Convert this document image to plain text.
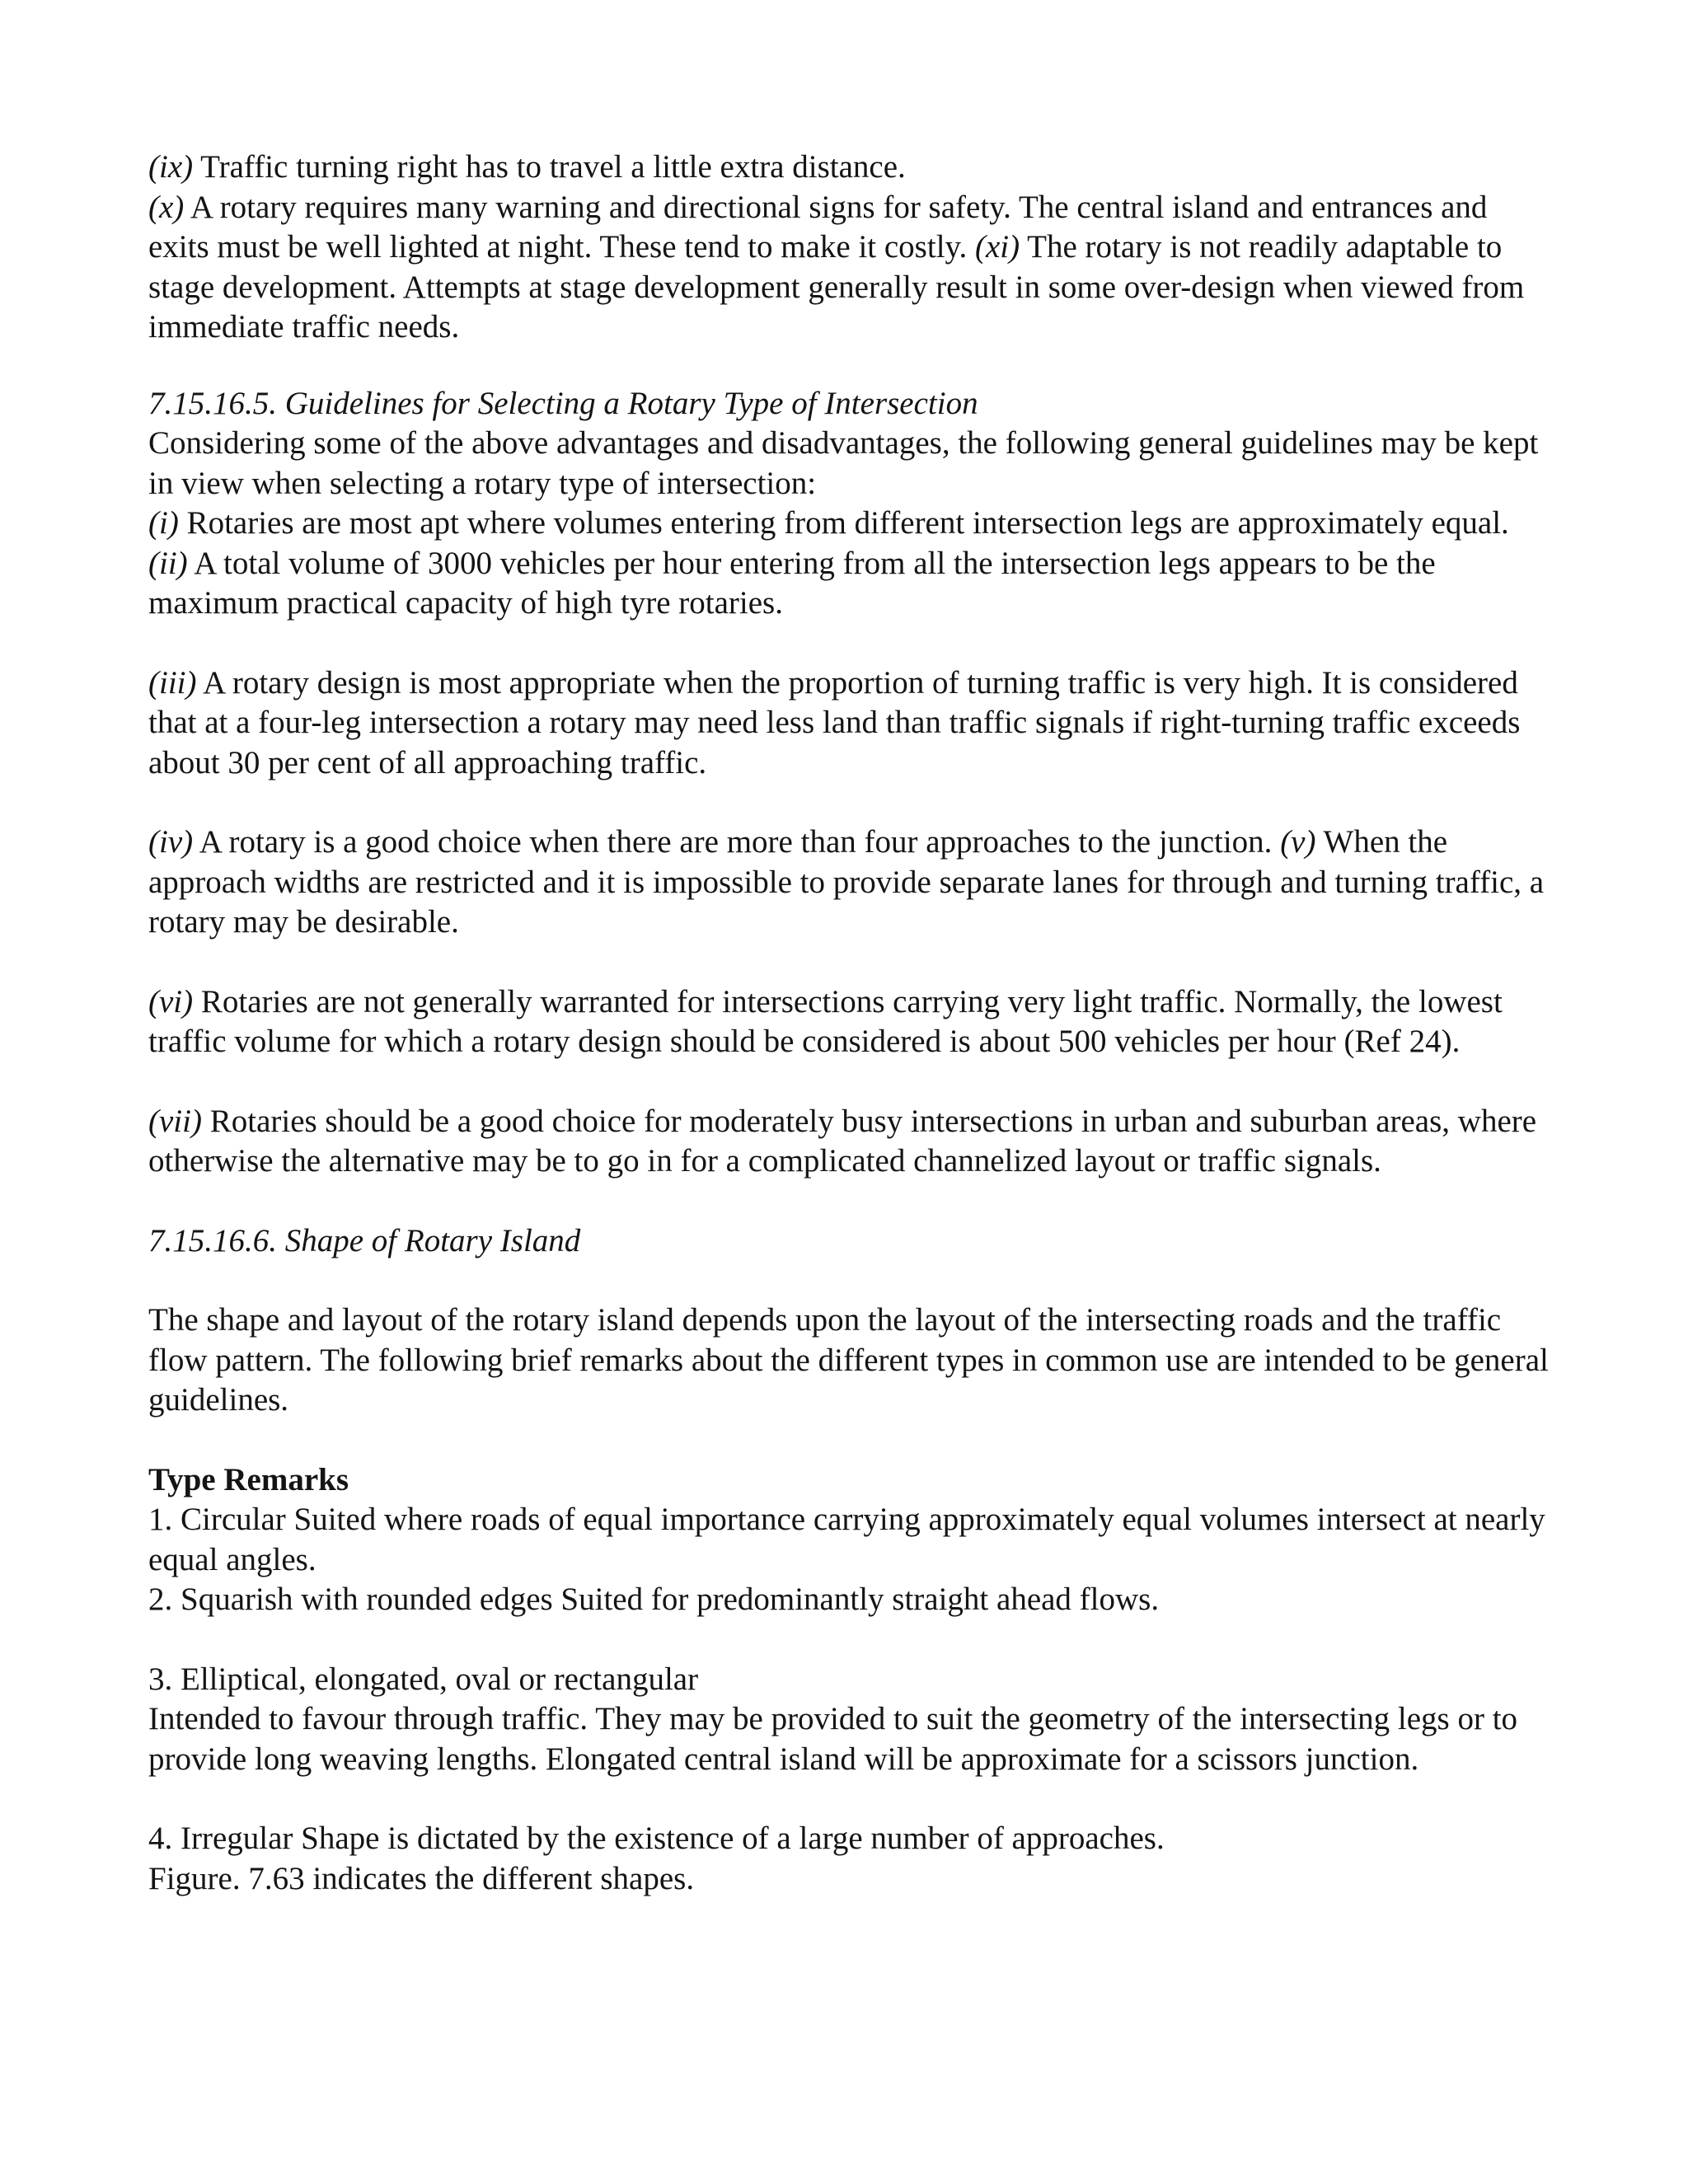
(ix) Traffic turning right has to travel a little extra distance.

(x) A rotary requires many warning and directional signs for safety. The central island and entrances and exits must be well lighted at night. These tend to make it costly. (xi) The rotary is not readily adaptable to stage development. Attempts at stage development generally result in some over-design when viewed from immediate traffic needs.

7.15.16.5. Guidelines for Selecting a Rotary Type of Intersection

Considering some of the above advantages and disadvantages, the following general guidelines may be kept in view when selecting a rotary type of intersection:

(i) Rotaries are most apt where volumes entering from different intersection legs are approximately equal.

(ii) A total volume of 3000 vehicles per hour entering from all the intersection legs appears to be the maximum practical capacity of high tyre rotaries.

(iii) A rotary design is most appropriate when the proportion of turning traffic is very high. It is considered that at a four-leg intersection a rotary may need less land than traffic signals if right-turning traffic exceeds about 30 per cent of all approaching traffic.

(iv) A rotary is a good choice when there are more than four approaches to the junction. (v) When the approach widths are restricted and it is impossible to provide separate lanes for through and turning traffic, a rotary may be desirable.

(vi) Rotaries are not generally warranted for intersections carrying very light traffic. Normally, the lowest traffic volume for which a rotary design should be considered is about 500 vehicles per hour (Ref 24).

(vii) Rotaries should be a good choice for moderately busy intersections in urban and suburban areas, where otherwise the alternative may be to go in for a complicated channelized layout or traffic signals.

7.15.16.6. Shape of Rotary Island

The shape and layout of the rotary island depends upon the layout of the intersecting roads and the traffic flow pattern. The following brief remarks about the different types in common use are intended to be general guidelines.

Type Remarks

1. Circular Suited where roads of equal importance carrying approximately equal volumes intersect at nearly equal angles.

2. Squarish with rounded edges Suited for predominantly straight ahead flows.

3. Elliptical, elongated, oval or rectangular

Intended to favour through traffic. They may be provided to suit the geometry of the intersecting legs or to provide long weaving lengths. Elongated central island will be approximate for a scissors junction.

4. Irregular Shape is dictated by the existence of a large number of approaches.

Figure. 7.63 indicates the different shapes.
